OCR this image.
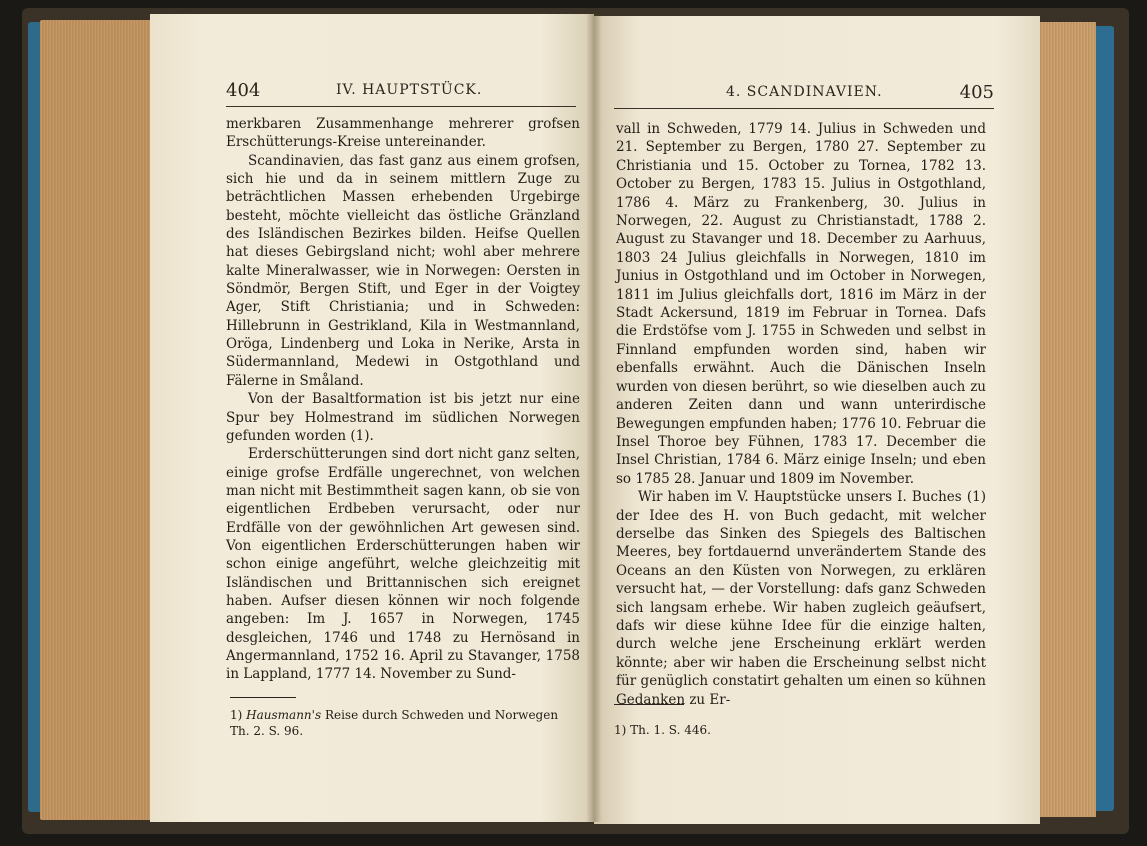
404	IV. HAUPTSTÜCK.

merkbaren Zusammenhange mehrerer grofsen Erschütterungs-Kreise untereinander.

Scandinavien, das fast ganz aus einem grofsen, sich hie und da in seinem mittlern Zuge zu beträchtlichen Massen erhebenden Urgebirge besteht, möchte vielleicht das östliche Gränzland des Isländischen Bezirkes bilden. Heifse Quellen hat dieses Gebirgsland nicht; wohl aber mehrere kalte Mineralwasser, wie in Norwegen: Oersten in Söndmör, Bergen Stift, und Eger in der Voigtey Ager, Stift Christiania; und in Schweden: Hillebrunn in Gestrikland, Kila in Westmannland, Oröga, Lindenberg und Loka in Nerike, Arsta in Südermannland, Medewi in Ostgothland und Fälerne in Småland.

Von der Basaltformation ist bis jetzt nur eine Spur bey Holmestrand im südlichen Norwegen gefunden worden (1).

Erderschütterungen sind dort nicht ganz selten, einige grofse Erdfälle ungerechnet, von welchen man nicht mit Bestimmtheit sagen kann, ob sie von eigentlichen Erdbeben verursacht, oder nur Erdfälle von der gewöhnlichen Art gewesen sind. Von eigentlichen Erderschütterungen haben wir schon einige angeführt, welche gleichzeitig mit Isländischen und Brittannischen sich ereignet haben. Aufser diesen können wir noch folgende angeben: Im J. 1657 in Norwegen, 1745 desgleichen, 1746 und 1748 zu Hernösand in Angermannland, 1752 16. April zu Stavanger, 1758 in Lappland, 1777 14. November zu Sund-

1) Hausmann's Reise durch Schweden und Norwegen Th. 2. S. 96.
4. SCANDINAVIEN.	405

vall in Schweden, 1779 14. Julius in Schweden und 21. September zu Bergen, 1780 27. September zu Christiania und 15. October zu Tornea, 1782 13. October zu Bergen, 1783 15. Julius in Ostgothland, 1786 4. März zu Frankenberg, 30. Julius in Norwegen, 22. August zu Christianstadt, 1788 2. August zu Stavanger und 18. December zu Aarhuus, 1803 24 Julius gleichfalls in Norwegen, 1810 im Junius in Ostgothland und im October in Norwegen, 1811 im Julius gleichfalls dort, 1816 im März in der Stadt Ackersund, 1819 im Februar in Tornea. Dafs die Erdstöfse vom J. 1755 in Schweden und selbst in Finnland empfunden worden sind, haben wir ebenfalls erwähnt. Auch die Dänischen Inseln wurden von diesen berührt, so wie dieselben auch zu anderen Zeiten dann und wann unterirdische Bewegungen empfunden haben; 1776 10. Februar die Insel Thoroe bey Fühnen, 1783 17. December die Insel Christian, 1784 6. März einige Inseln; und eben so 1785 28. Januar und 1809 im November.

Wir haben im V. Hauptstücke unsers I. Buches (1) der Idee des H. von Buch gedacht, mit welcher derselbe das Sinken des Spiegels des Baltischen Meeres, bey fortdauernd unverändertem Stande des Oceans an den Küsten von Norwegen, zu erklären versucht hat, — der Vorstellung: dafs ganz Schweden sich langsam erhebe. Wir haben zugleich geäufsert, dafs wir diese kühne Idee für die einzige halten, durch welche jene Erscheinung erklärt werden könnte; aber wir haben die Erscheinung selbst nicht für genüglich constatirt gehalten um einen so kühnen Gedanken zu Er-

1) Th. 1. S. 446.
